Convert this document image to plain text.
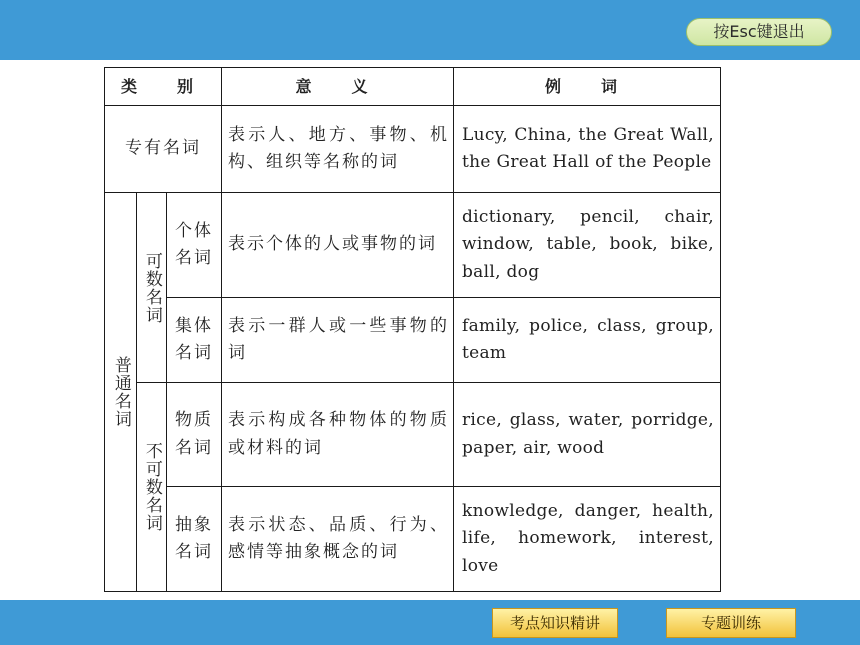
按Esc键退出
类　别			意　义	例　词
专有名词			表示人、地方、事物、机构、组织等名称的词	Lucy, China, the Great Wall, the Great Hall of the People

普通名词	可数名词	个体名词	表示个体的人或事物的词	dictionary, pencil, chair, window, table, book, bike, ball, dog
		集体名词	表示一群人或一些事物的词	family, police, class, group, team

	不可数名词	物质名词	表示构成各种物体的物质或材料的词	rice, glass, water, porridge, paper, air, wood
		抽象名词	表示状态、品质、行为、感情等抽象概念的词	knowledge, danger, health, life, homework, interest, love
考点知识精讲	专题训练
